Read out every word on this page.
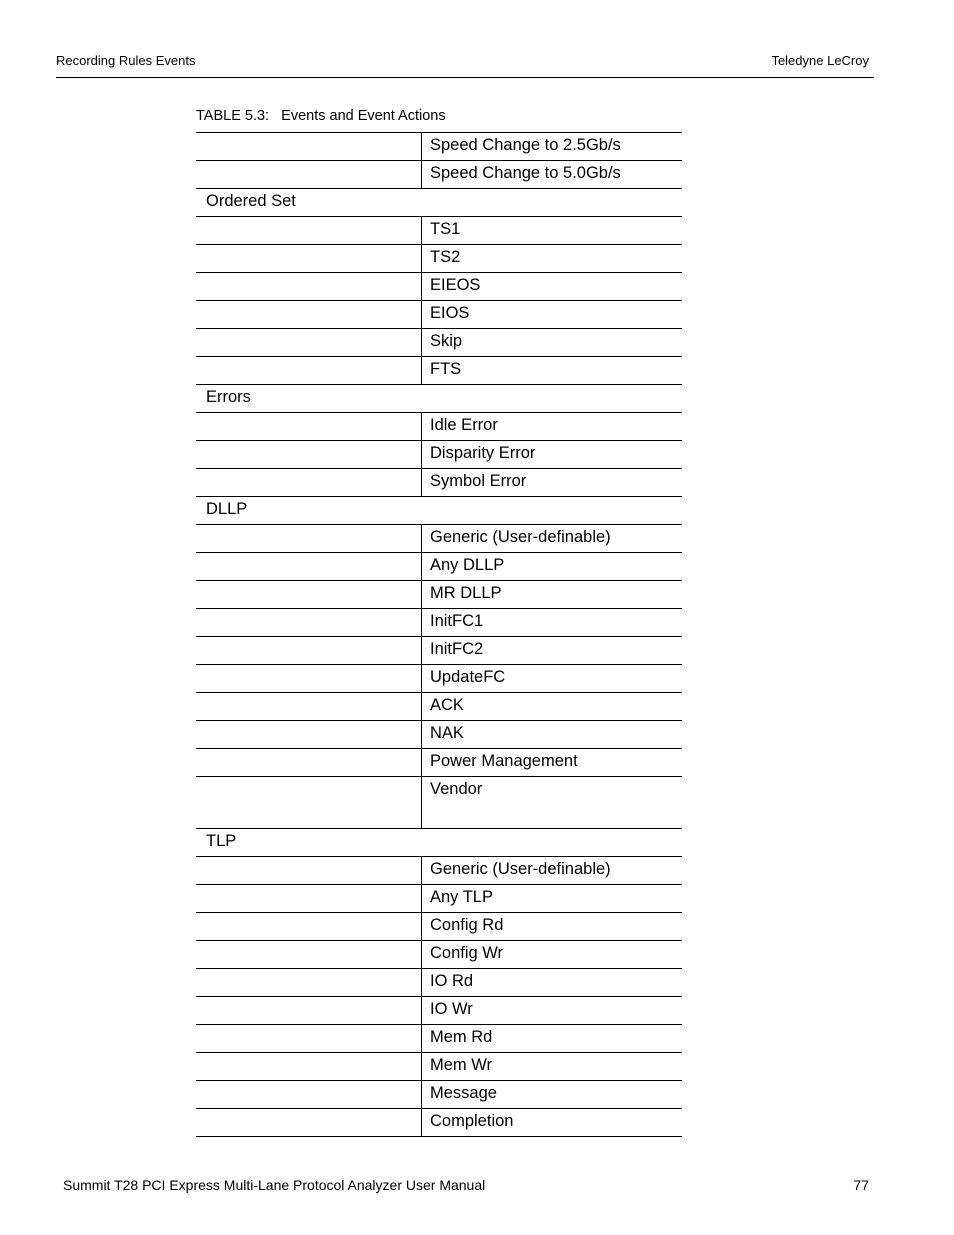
Recording Rules Events	Teledyne LeCroy
TABLE 5.3:   Events and Event Actions
Speed Change to 2.5Gb/s
Speed Change to 5.0Gb/s
Ordered Set
TS1
TS2
EIEOS
EIOS
Skip
FTS
Errors
Idle Error
Disparity Error
Symbol Error
DLLP
Generic (User-definable)
Any DLLP
MR DLLP
InitFC1
InitFC2
UpdateFC
ACK
NAK
Power Management
Vendor
TLP
Generic (User-definable)
Any TLP
Config Rd
Config Wr
IO Rd
IO Wr
Mem Rd
Mem Wr
Message
Completion
Summit T28 PCI Express Multi-Lane Protocol Analyzer User Manual	77
